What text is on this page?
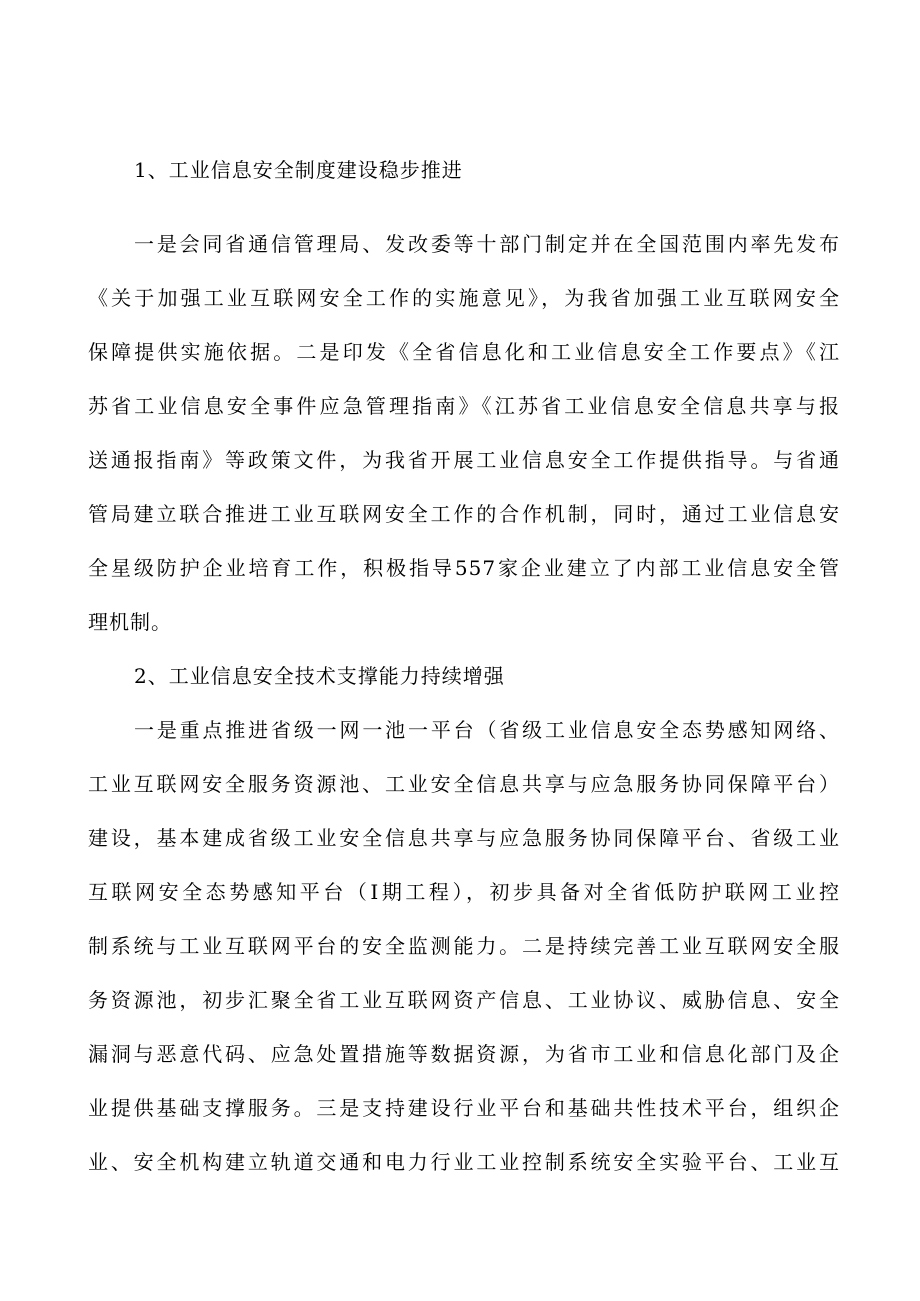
1、工业信息安全制度建设稳步推进
一是会同省通信管理局、发改委等十部门制定并在全国范围内率先发布
《关于加强工业互联网安全工作的实施意见》，为我省加强工业互联网安全
保障提供实施依据。二是印发《全省信息化和工业信息安全工作要点》《江
苏省工业信息安全事件应急管理指南》《江苏省工业信息安全信息共享与报
送通报指南》等政策文件，为我省开展工业信息安全工作提供指导。与省通
管局建立联合推进工业互联网安全工作的合作机制，同时，通过工业信息安
全星级防护企业培育工作，积极指导557家企业建立了内部工业信息安全管
理机制。
2、工业信息安全技术支撑能力持续增强
一是重点推进省级一网一池一平台（省级工业信息安全态势感知网络、
工业互联网安全服务资源池、工业安全信息共享与应急服务协同保障平台）
建设，基本建成省级工业安全信息共享与应急服务协同保障平台、省级工业
互联网安全态势感知平台（I期工程），初步具备对全省低防护联网工业控
制系统与工业互联网平台的安全监测能力。二是持续完善工业互联网安全服
务资源池，初步汇聚全省工业互联网资产信息、工业协议、威胁信息、安全
漏洞与恶意代码、应急处置措施等数据资源，为省市工业和信息化部门及企
业提供基础支撑服务。三是支持建设行业平台和基础共性技术平台，组织企
业、安全机构建立轨道交通和电力行业工业控制系统安全实验平台、工业互
